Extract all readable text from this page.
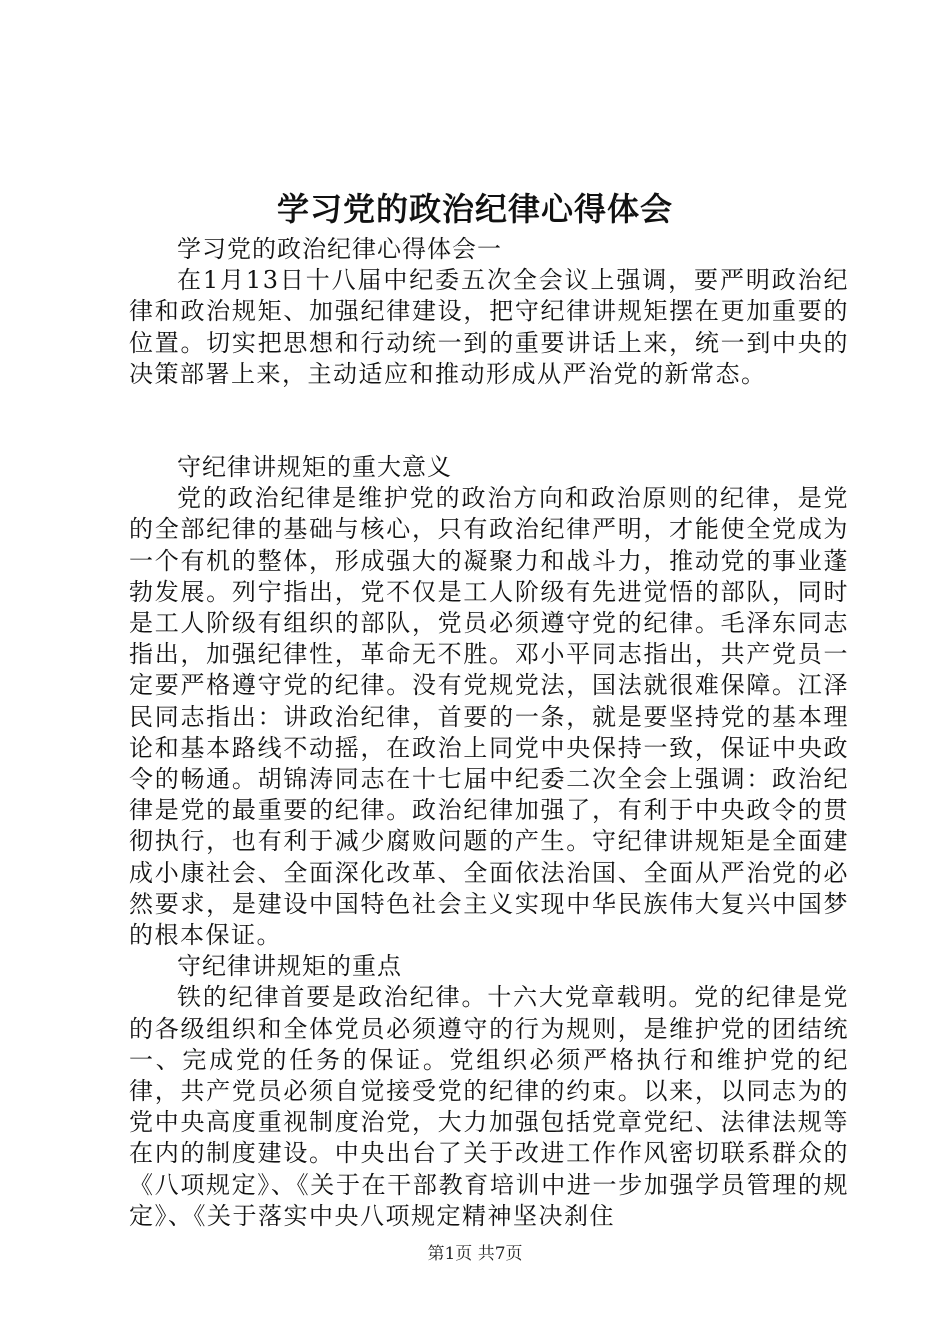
学习党的政治纪律心得体会

学习党的政治纪律心得体会一

在1月13日十八届中纪委五次全会议上强调，要严明政治纪律和政治规矩、加强纪律建设，把守纪律讲规矩摆在更加重要的位置。切实把思想和行动统一到的重要讲话上来，统一到中央的决策部署上来，主动适应和推动形成从严治党的新常态。

守纪律讲规矩的重大意义

党的政治纪律是维护党的政治方向和政治原则的纪律，是党的全部纪律的基础与核心，只有政治纪律严明，才能使全党成为一个有机的整体，形成强大的凝聚力和战斗力，推动党的事业蓬勃发展。列宁指出，党不仅是工人阶级有先进觉悟的部队，同时是工人阶级有组织的部队，党员必须遵守党的纪律。毛泽东同志指出，加强纪律性，革命无不胜。邓小平同志指出，共产党员一定要严格遵守党的纪律。没有党规党法，国法就很难保障。江泽民同志指出：讲政治纪律，首要的一条，就是要坚持党的基本理论和基本路线不动摇，在政治上同党中央保持一致，保证中央政令的畅通。胡锦涛同志在十七届中纪委二次全会上强调：政治纪律是党的最重要的纪律。政治纪律加强了，有利于中央政令的贯彻执行，也有利于减少腐败问题的产生。守纪律讲规矩是全面建成小康社会、全面深化改革、全面依法治国、全面从严治党的必然要求，是建设中国特色社会主义实现中华民族伟大复兴中国梦的根本保证。

守纪律讲规矩的重点

铁的纪律首要是政治纪律。十六大党章载明。党的纪律是党的各级组织和全体党员必须遵守的行为规则，是维护党的团结统一、完成党的任务的保证。党组织必须严格执行和维护党的纪律，共产党员必须自觉接受党的纪律的约束。以来，以同志为的党中央高度重视制度治党，大力加强包括党章党纪、法律法规等在内的制度建设。中央出台了关于改进工作作风密切联系群众的《八项规定》、《关于在干部教育培训中进一步加强学员管理的规定》、《关于落实中央八项规定精神坚决刹住

第1页 共7页
